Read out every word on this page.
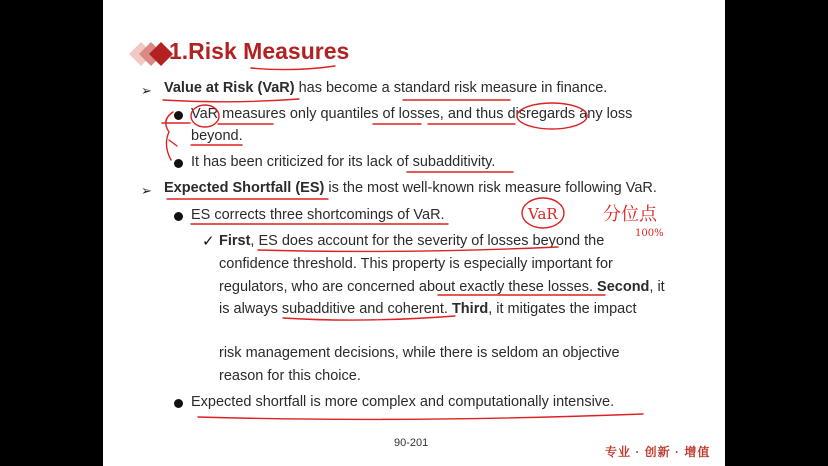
1.Risk Measures
➢ Value at Risk (VaR) has become a standard risk measure in finance.
VaR measures only quantiles of losses, and thus disregards any loss
beyond.
It has been criticized for its lack of subadditivity.
➢ Expected Shortfall (ES) is the most well-known risk measure following VaR.
ES corrects three shortcomings of VaR.
✓ First, ES does account for the severity of losses beyond the
confidence threshold. This property is especially important for
regulators, who are concerned about exactly these losses. Second, it
is always subadditive and coherent. Third, it mitigates the impact
risk management decisions, while there is seldom an objective
reason for this choice.
Expected shortfall is more complex and computationally intensive.
VaR	分位点
100%
90-201
专业 · 创新 · 增值
